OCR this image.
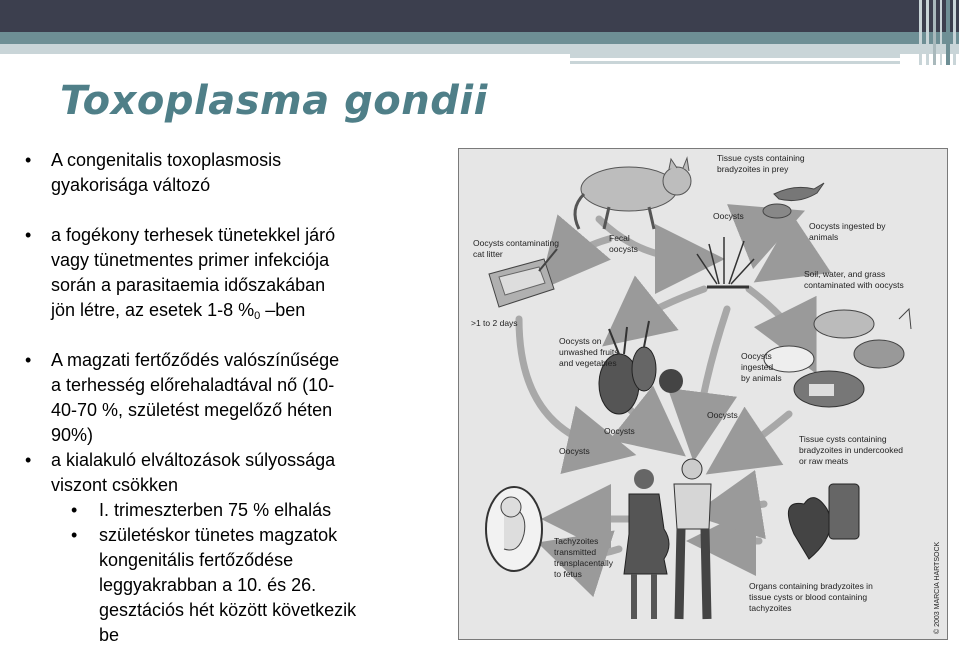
Toxoplasma gondii

• A congenitalis toxoplasmosis
gyakorisága változó

• a fogékony terhesek tünetekkel járó
vagy tünetmentes primer infekciója
során a parasitaemia időszakában
jön létre, az esetek 1-8 $\%_0$ –ben

• A magzati fertőződés valószínűsége
a terhesség előrehaladtával nő (10-
40-70 %, születést megelőző héten
90%)

• a kialakuló elváltozások súlyossága
viszont csökken

• I. trimeszterben 75 % elhalás

• születéskor tünetes magzatok
kongenitális fertőződése
leggyakrabban a 10. és 26.
gesztációs hét között következik
be

Tissue cysts containing
bradyzoites in prey
Oocysts
Oocysts ingested by
animals
Oocysts contaminating
cat litter
Fecal
oocysts
Soil, water, and grass
contaminated with oocysts
>1 to 2 days
Oocysts on
unwashed fruits
and vegetables
Oocysts
ingested
by animals
Oocysts
Oocysts
Oocysts
Tissue cysts containing
bradyzoites in undercooked
or raw meats
Tachyzoites
transmitted
transplacentally
to fetus
Organs containing bradyzoites in
tissue cysts or blood containing
tachyzoites	© 2003 MARCIA HARTSOCK
